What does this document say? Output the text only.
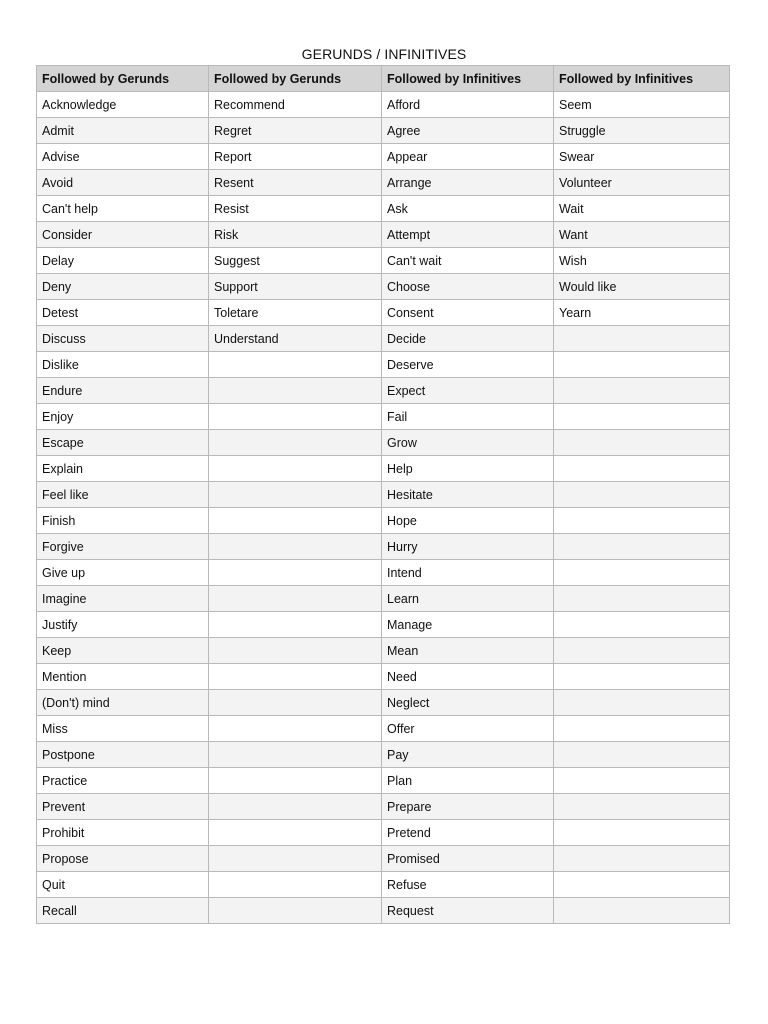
GERUNDS / INFINITIVES
Followed by Gerunds	Followed by Gerunds	Followed by Infinitives	Followed by Infinitives
Acknowledge	Recommend	Afford	Seem
Admit	Regret	Agree	Struggle
Advise	Report	Appear	Swear
Avoid	Resent	Arrange	Volunteer
Can't help	Resist	Ask	Wait
Consider	Risk	Attempt	Want
Delay	Suggest	Can't wait	Wish
Deny	Support	Choose	Would like
Detest	Toletare	Consent	Yearn
Discuss	Understand	Decide	
Dislike		Deserve	
Endure		Expect	
Enjoy		Fail	
Escape		Grow	
Explain		Help	
Feel like		Hesitate	
Finish		Hope	
Forgive		Hurry	
Give up		Intend	
Imagine		Learn	
Justify		Manage	
Keep		Mean	
Mention		Need	
(Don't) mind		Neglect	
Miss		Offer	
Postpone		Pay	
Practice		Plan	
Prevent		Prepare	
Prohibit		Pretend	
Propose		Promised	
Quit		Refuse	
Recall		Request	
